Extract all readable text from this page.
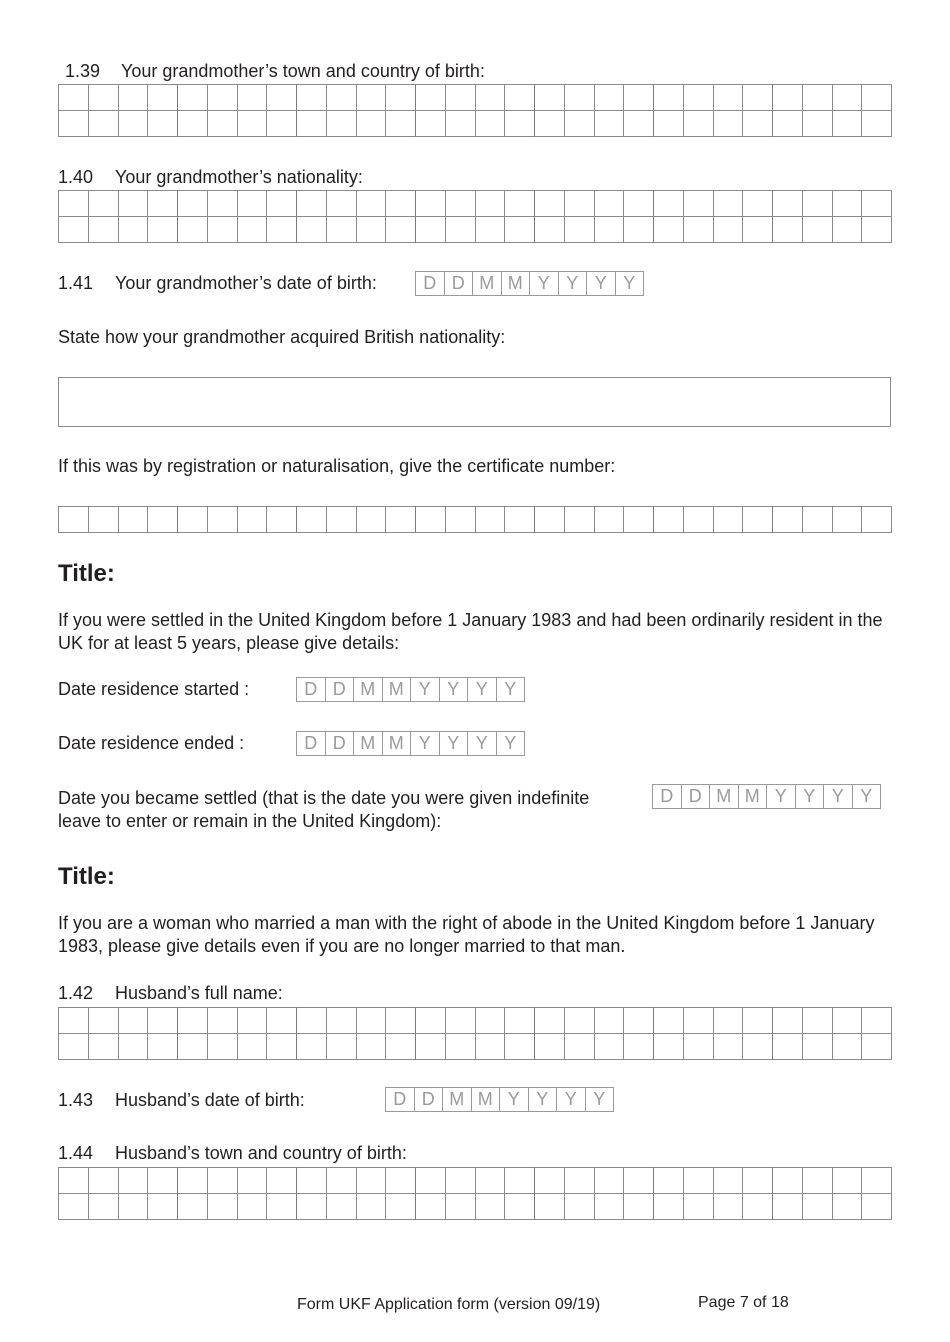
1.39 Your grandmother’s town and country of birth:
1.40 Your grandmother’s nationality:
1.41 Your grandmother’s date of birth:	D D M M Y Y Y Y
State how your grandmother acquired British nationality:
If this was by registration or naturalisation, give the certificate number:
Title:
If you were settled in the United Kingdom before 1 January 1983 and had been ordinarily resident in the UK for at least 5 years, please give details:
Date residence started :	D D M M Y Y Y Y
Date residence ended :	D D M M Y Y Y Y
Date you became settled (that is the date you were given indefinite
leave to enter or remain in the United Kingdom):
D D M M Y Y Y Y
Title:
If you are a woman who married a man with the right of abode in the United Kingdom before 1 January 1983, please give details even if you are no longer married to that man.
1.42 Husband’s full name:
1.43 Husband’s date of birth:	D D M M Y Y Y Y
1.44 Husband’s town and country of birth:
Form UKF Application form (version 09/19)	Page 7 of 18
